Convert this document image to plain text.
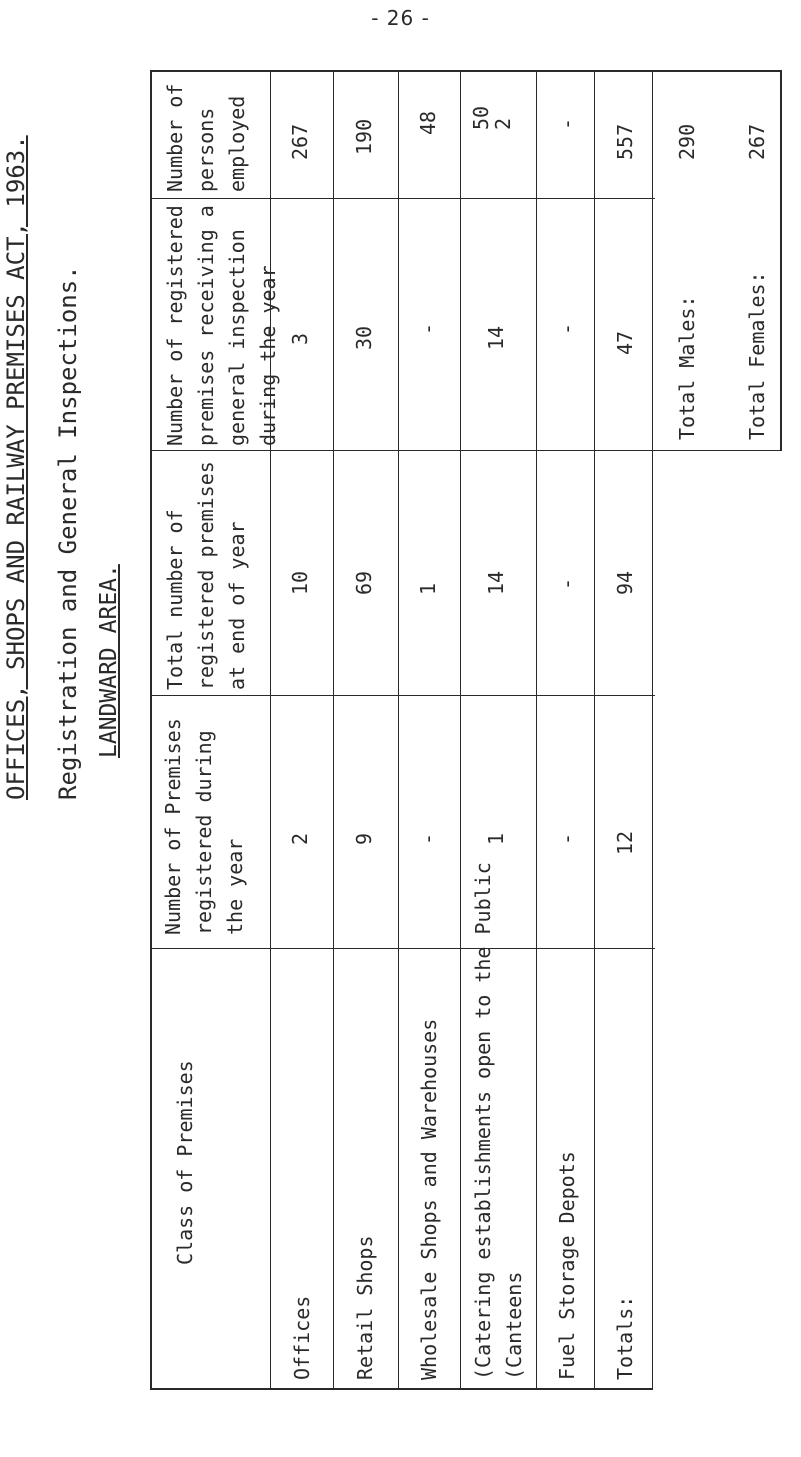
- 26 -
OFFICES, SHOPS AND RAILWAY PREMISES ACT, 1963. Registration and General Inspections. LANDWARD AREA.
Class of Premises
Number of Premises
registered during
the year
Total number of
registered premises
at end of year
Number of registered
premises receiving a
general inspection
during the year
Number of
persons
employed
Offices Retail Shops Wholesale Shops and Warehouses (Catering establishments open to the Public
(Canteens Fuel Storage Depots Totals:
2 9 - 1 - 12
10 69 1 14 - 94
3 30 - 14 -
47
267 190 48 50
2 - 557
Total Males:
290
Total Females:
267
